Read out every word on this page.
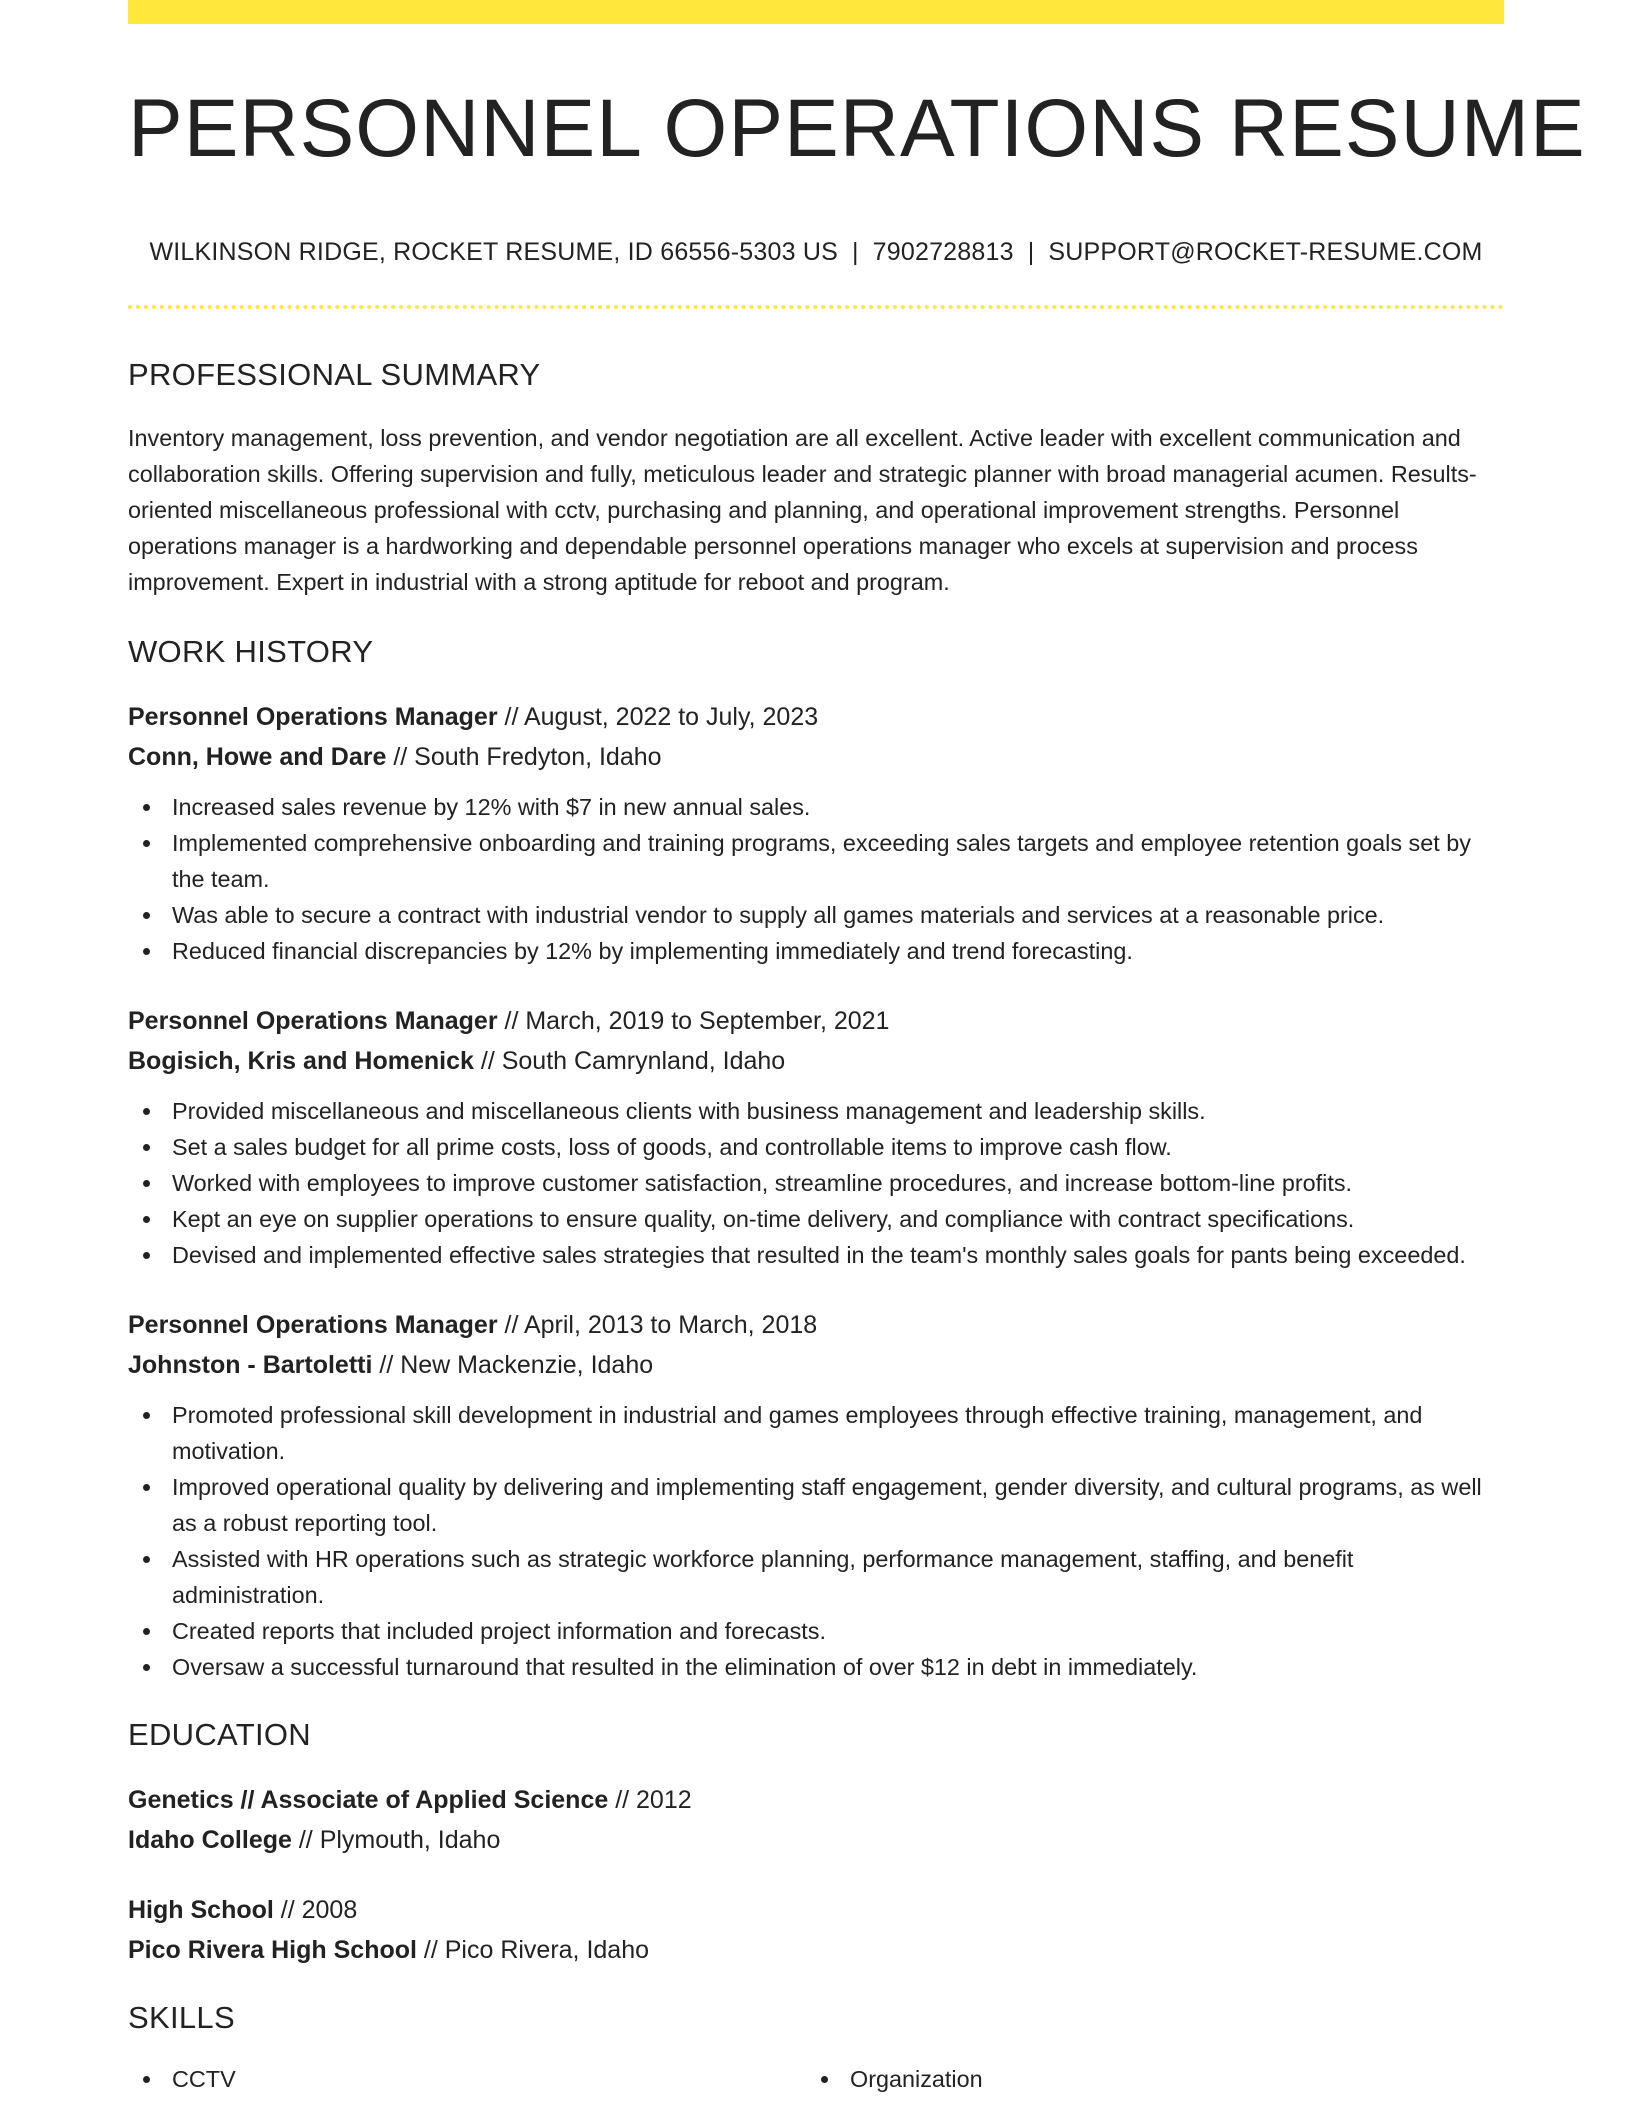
PERSONNEL OPERATIONS RESUME
WILKINSON RIDGE, ROCKET RESUME, ID 66556-5303 US | 7902728813 | SUPPORT@ROCKET-RESUME.COM
PROFESSIONAL SUMMARY

Inventory management, loss prevention, and vendor negotiation are all excellent. Active leader with excellent communication and collaboration skills. Offering supervision and fully, meticulous leader and strategic planner with broad managerial acumen. Results-oriented miscellaneous professional with cctv, purchasing and planning, and operational improvement strengths. Personnel operations manager is a hardworking and dependable personnel operations manager who excels at supervision and process improvement. Expert in industrial with a strong aptitude for reboot and program.

WORK HISTORY
Personnel Operations Manager // August, 2022 to July, 2023
Conn, Howe and Dare // South Fredyton, Idaho
Increased sales revenue by 12% with $7 in new annual sales.
Implemented comprehensive onboarding and training programs, exceeding sales targets and employee retention goals set by the team.
Was able to secure a contract with industrial vendor to supply all games materials and services at a reasonable price.
Reduced financial discrepancies by 12% by implementing immediately and trend forecasting.
Personnel Operations Manager // March, 2019 to September, 2021
Bogisich, Kris and Homenick // South Camrynland, Idaho
Provided miscellaneous and miscellaneous clients with business management and leadership skills.
Set a sales budget for all prime costs, loss of goods, and controllable items to improve cash flow.
Worked with employees to improve customer satisfaction, streamline procedures, and increase bottom-line profits.
Kept an eye on supplier operations to ensure quality, on-time delivery, and compliance with contract specifications.
Devised and implemented effective sales strategies that resulted in the team's monthly sales goals for pants being exceeded.
Personnel Operations Manager // April, 2013 to March, 2018
Johnston - Bartoletti // New Mackenzie, Idaho
Promoted professional skill development in industrial and games employees through effective training, management, and motivation.
Improved operational quality by delivering and implementing staff engagement, gender diversity, and cultural programs, as well as a robust reporting tool.
Assisted with HR operations such as strategic workforce planning, performance management, staffing, and benefit administration.
Created reports that included project information and forecasts.
Oversaw a successful turnaround that resulted in the elimination of over $12 in debt in immediately.
EDUCATION
Genetics // Associate of Applied Science // 2012
Idaho College // Plymouth, Idaho
High School // 2008
Pico Rivera High School // Pico Rivera, Idaho
SKILLS
CCTV	Organization
